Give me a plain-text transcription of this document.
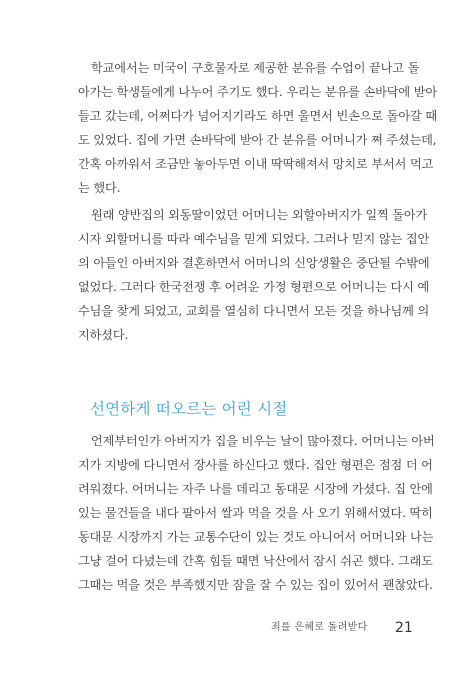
학교에서는 미국이 구호물자로 제공한 분유를 수업이 끝나고 돌
아가는 학생들에게 나누어 주기도 했다. 우리는 분유를 손바닥에 받아
들고 갔는데, 어쩌다가 넘어지기라도 하면 울면서 빈손으로 돌아갈 때
도 있었다. 집에 가면 손바닥에 받아 간 분유를 어머니가 쪄 주셨는데,
간혹 아까워서 조금만 놓아두면 이내 딱딱해져서 망치로 부서서 먹고
는 했다.
원래 양반집의 외동딸이었던 어머니는 외할아버지가 일찍 돌아가
시자 외할머니를 따라 예수님을 믿게 되었다. 그러나 믿지 않는 집안
의 아들인 아버지와 결혼하면서 어머니의 신앙생활은 중단될 수밖에
없었다. 그러다 한국전쟁 후 어려운 가정 형편으로 어머니는 다시 예
수님을 찾게 되었고, 교회를 열심히 다니면서 모든 것을 하나님께 의
지하셨다.
선연하게 떠오르는 어린 시절
언제부터인가 아버지가 집을 비우는 날이 많아졌다. 어머니는 아버
지가 지방에 다니면서 장사를 하신다고 했다. 집안 형편은 점점 더 어
려워졌다. 어머니는 자주 나를 데리고 동대문 시장에 가셨다. 집 안에
있는 물건들을 내다 팔아서 쌀과 먹을 것을 사 오기 위해서였다. 딱히
동대문 시장까지 가는 교통수단이 있는 것도 아니어서 어머니와 나는
그냥 걸어 다녔는데 간혹 힘들 때면 낙산에서 잠시 쉬곤 했다. 그래도
그때는 먹을 것은 부족했지만 잠을 잘 수 있는 집이 있어서 괜찮았다.
죄를 은혜로 돌려받다 21
